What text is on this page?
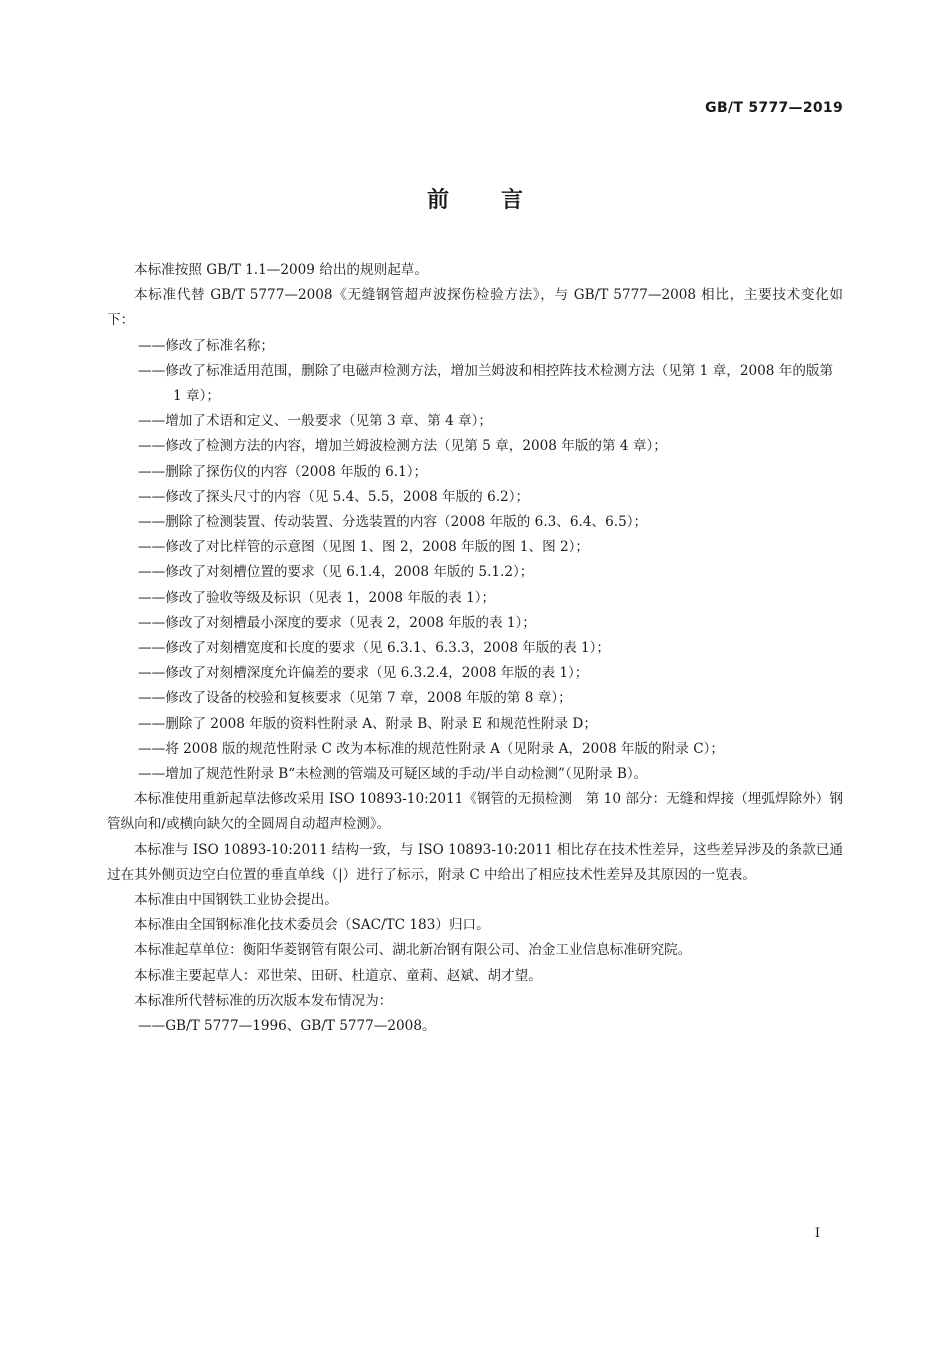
GB/T 5777—2019
前 言

本标准按照 GB/T 1.1—2009 给出的规则起草。

本标准代替 GB/T 5777—2008《无缝钢管超声波探伤检验方法》，与 GB/T 5777—2008 相比，主要技术变化如下：

——修改了标准名称；
——修改了标准适用范围，删除了电磁声检测方法，增加兰姆波和相控阵技术检测方法（见第 1 章，2008 年的版第 1 章）；
——增加了术语和定义、一般要求（见第 3 章、第 4 章）；
——修改了检测方法的内容，增加兰姆波检测方法（见第 5 章，2008 年版的第 4 章）；
——删除了探伤仪的内容（2008 年版的 6.1）；
——修改了探头尺寸的内容（见 5.4、5.5，2008 年版的 6.2）；
——删除了检测装置、传动装置、分选装置的内容（2008 年版的 6.3、6.4、6.5）；
——修改了对比样管的示意图（见图 1、图 2，2008 年版的图 1、图 2）；
——修改了对刻槽位置的要求（见 6.1.4，2008 年版的 5.1.2）；
——修改了验收等级及标识（见表 1，2008 年版的表 1）；
——修改了对刻槽最小深度的要求（见表 2，2008 年版的表 1）；
——修改了对刻槽宽度和长度的要求（见 6.3.1、6.3.3，2008 年版的表 1）；
——修改了对刻槽深度允许偏差的要求（见 6.3.2.4，2008 年版的表 1）；
——修改了设备的校验和复核要求（见第 7 章，2008 年版的第 8 章）；
——删除了 2008 年版的资料性附录 A、附录 B、附录 E 和规范性附录 D；
——将 2008 版的规范性附录 C 改为本标准的规范性附录 A（见附录 A，2008 年版的附录 C）；
——增加了规范性附录 B“未检测的管端及可疑区域的手动/半自动检测”（见附录 B）。

本标准使用重新起草法修改采用 ISO 10893-10:2011《钢管的无损检测　第 10 部分：无缝和焊接（埋弧焊除外）钢管纵向和/或横向缺欠的全圆周自动超声检测》。

本标准与 ISO 10893-10:2011 结构一致，与 ISO 10893-10:2011 相比存在技术性差异，这些差异涉及的条款已通过在其外侧页边空白位置的垂直单线（|）进行了标示，附录 C 中给出了相应技术性差异及其原因的一览表。

本标准由中国钢铁工业协会提出。

本标准由全国钢标准化技术委员会（SAC/TC 183）归口。

本标准起草单位：衡阳华菱钢管有限公司、湖北新冶钢有限公司、冶金工业信息标准研究院。

本标准主要起草人：邓世荣、田研、杜道京、童莉、赵斌、胡才望。

本标准所代替标准的历次版本发布情况为：

——GB/T 5777—1996、GB/T 5777—2008。
I
